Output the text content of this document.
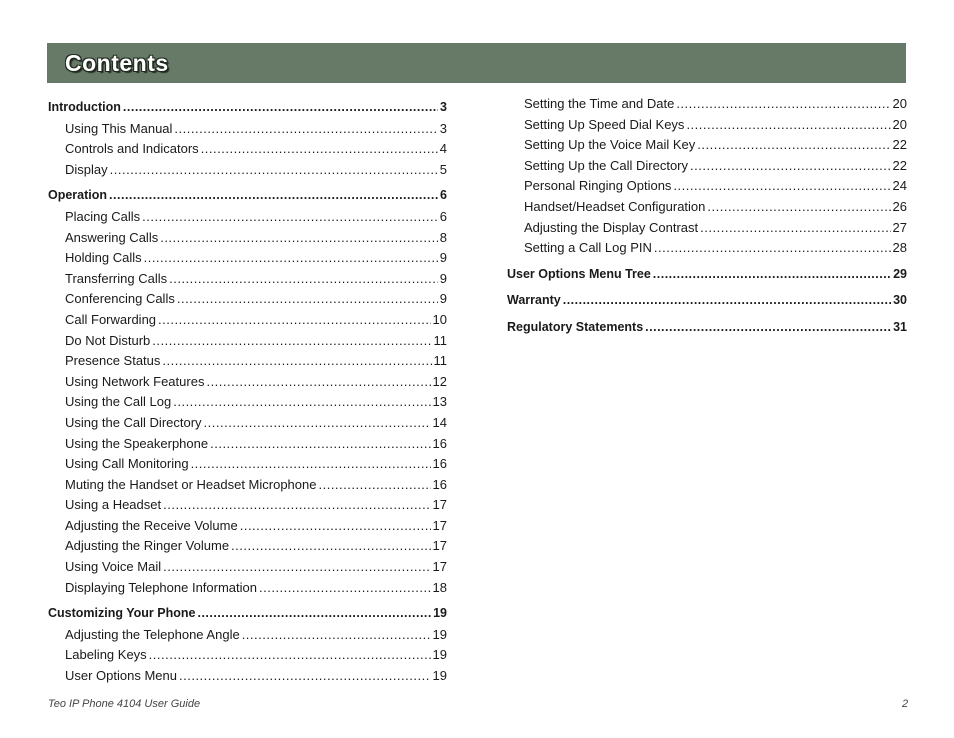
Contents
Introduction .....	3
Using This Manual .....	3
Controls and Indicators .....	4
Display .....	5
Operation .....	6
Placing Calls .....	6
Answering Calls .....	8
Holding Calls .....	9
Transferring Calls .....	9
Conferencing Calls .....	9
Call Forwarding .....	10
Do Not Disturb .....	11
Presence Status .....	11
Using Network Features .....	12
Using the Call Log .....	13
Using the Call Directory .....	14
Using the Speakerphone .....	16
Using Call Monitoring .....	16
Muting the Handset or Headset Microphone .....	16
Using a Headset .....	17
Adjusting the Receive Volume .....	17
Adjusting the Ringer Volume .....	17
Using Voice Mail .....	17
Displaying Telephone Information .....	18
Customizing Your Phone .....	19
Adjusting the Telephone Angle .....	19
Labeling Keys .....	19
User Options Menu .....	19
Setting the Time and Date .....	20
Setting Up Speed Dial Keys .....	20
Setting Up the Voice Mail Key .....	22
Setting Up the Call Directory .....	22
Personal Ringing Options .....	24
Handset/Headset Configuration .....	26
Adjusting the Display Contrast .....	27
Setting a Call Log PIN .....	28
User Options Menu Tree .....	29
Warranty .....	30
Regulatory Statements .....	31
Teo IP Phone 4104 User Guide	2
